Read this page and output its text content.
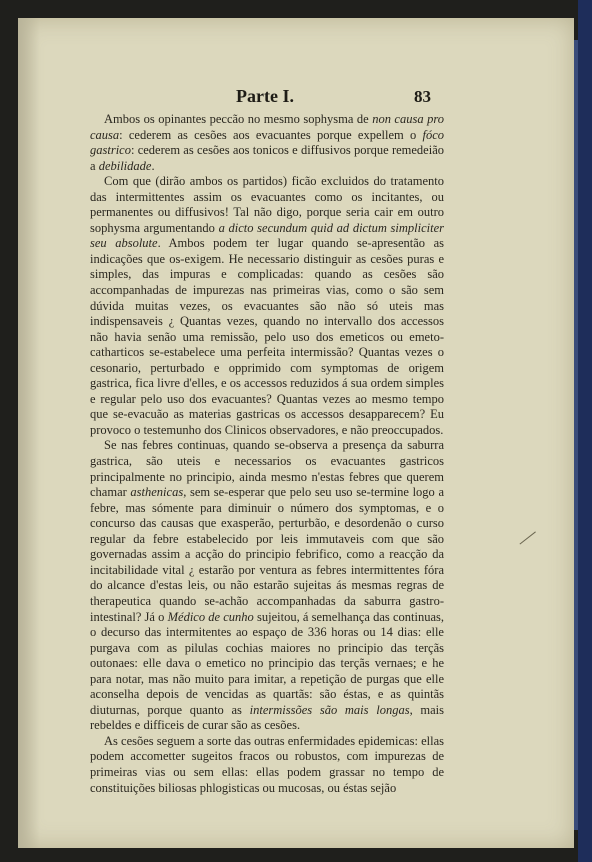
Parte I.	83

Ambos os opinantes peccão no mesmo sophysma de non causa pro causa: cederem as cesões aos evacuantes porque expellem o fóco gastrico: cederem as cesões aos tonicos e diffusivos porque remedeião a debilidade.

Com que (dirão ambos os partidos) ficão excluidos do tratamento das intermittentes assim os evacuantes como os incitantes, ou permanentes ou diffusivos! Tal não digo, porque seria cair em outro sophysma argumentando a dicto secundum quid ad dictum simpliciter seu absolute. Ambos podem ter lugar quando se-apresentão as indicações que os-exigem. He necessario distinguir as cesões puras e simples, das impuras e complicadas: quando as cesões são accompanhadas de impurezas nas primeiras vias, como o são sem dúvida muitas vezes, os evacuantes são não só uteis mas indispensaveis ¿ Quantas vezes, quando no intervallo dos accessos não havia senão uma remissão, pelo uso dos emeticos ou emeto-catharticos se-estabelece uma perfeita intermissão? Quantas vezes o cesonario, perturbado e opprimido com symptomas de origem gastrica, fica livre d'elles, e os accessos reduzidos á sua ordem simples e regular pelo uso dos evacuantes? Quantas vezes ao mesmo tempo que se-evacuão as materias gastricas os accessos desapparecem? Eu provoco o testemunho dos Clinicos observadores, e não preoccupados.

Se nas febres continuas, quando se-observa a presença da saburra gastrica, são uteis e necessarios os evacuantes gastricos principalmente no principio, ainda mesmo n'estas febres que querem chamar asthenicas, sem se-esperar que pelo seu uso se-termine logo a febre, mas sómente para diminuir o número dos symptomas, e o concurso das causas que exasperão, perturbão, e desordenão o curso regular da febre estabelecido por leis immutaveis com que são governadas assim a acção do principio febrifico, como a reacção da incitabilidade vital ¿ estarão por ventura as febres intermittentes fóra do alcance d'estas leis, ou não estarão sujeitas ás mesmas regras de therapeutica quando se-achão accompanhadas da saburra gastro-intestinal? Já o Médico de cunho sujeitou, á semelhança das continuas, o decurso das intermitentes ao espaço de 336 horas ou 14 dias: elle purgava com as pilulas cochias maiores no principio das terçãs outonaes: elle dava o emetico no principio das terçãs vernaes; e he para notar, mas não muito para imitar, a repetição de purgas que elle aconselha depois de vencidas as quartãs: são éstas, e as quintãs diuturnas, porque quanto as intermissões são mais longas, mais rebeldes e difficeis de curar são as cesões.

As cesões seguem a sorte das outras enfermidades epidemicas: ellas podem accometter sugeitos fracos ou robustos, com impurezas de primeiras vias ou sem ellas: ellas podem grassar no tempo de constituições biliosas phlogisticas ou mucosas, ou éstas sejão
